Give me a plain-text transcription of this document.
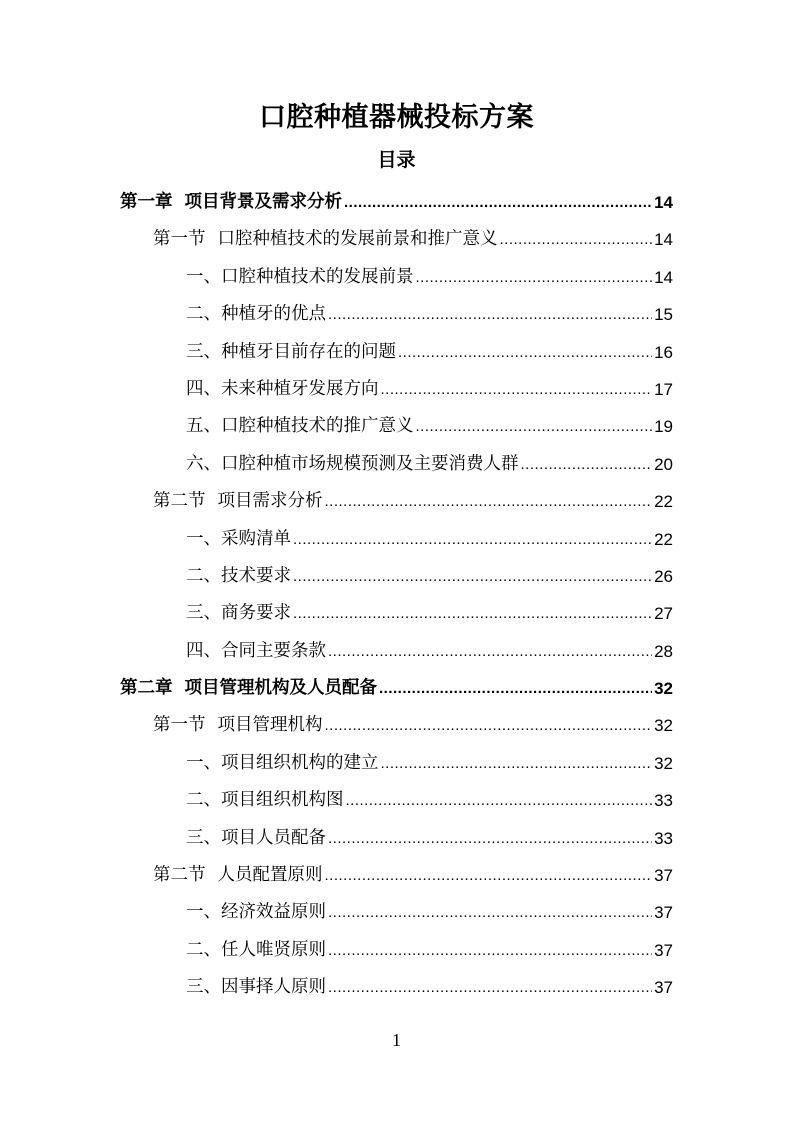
口腔种植器械投标方案
目录
第一章 项目背景及需求分析 .....	14
第一节 口腔种植技术的发展前景和推广意义 .....	14
一、口腔种植技术的发展前景 .....	14
二、种植牙的优点 .....	15
三、种植牙目前存在的问题 .....	16
四、未来种植牙发展方向 .....	17
五、口腔种植技术的推广意义 .....	19
六、口腔种植市场规模预测及主要消费人群 .....	20
第二节 项目需求分析 .....	22
一、采购清单 .....	22
二、技术要求 .....	26
三、商务要求 .....	27
四、合同主要条款 .....	28
第二章 项目管理机构及人员配备 .....	32
第一节 项目管理机构 .....	32
一、项目组织机构的建立 .....	32
二、项目组织机构图 .....	33
三、项目人员配备 .....	33
第二节 人员配置原则 .....	37
一、经济效益原则 .....	37
二、任人唯贤原则 .....	37
三、因事择人原则 .....	37
1
